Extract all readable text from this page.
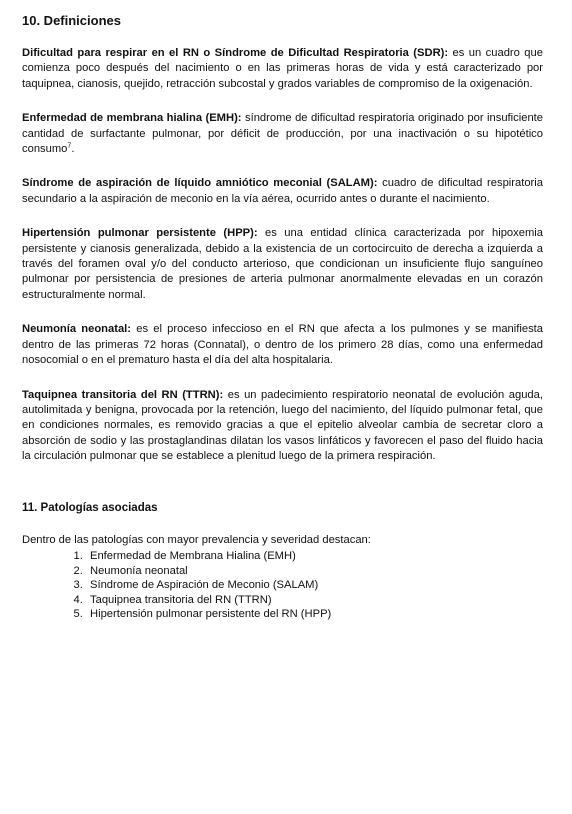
10. Definiciones

Dificultad para respirar en el RN o Síndrome de Dificultad Respiratoria (SDR): es un cuadro que comienza poco después del nacimiento o en las primeras horas de vida y está caracterizado por taquipnea, cianosis, quejido, retracción subcostal y grados variables de compromiso de la oxigenación.

Enfermedad de membrana hialina (EMH): síndrome de dificultad respiratoria originado por insuficiente cantidad de surfactante pulmonar, por déficit de producción, por una inactivación o su hipotético consumo$^7$.

Síndrome de aspiración de líquido amniótico meconial (SALAM): cuadro de dificultad respiratoria secundario a la aspiración de meconio en la vía aérea, ocurrido antes o durante el nacimiento.

Hipertensión pulmonar persistente (HPP): es una entidad clínica caracterizada por hipoxemia persistente y cianosis generalizada, debido a la existencia de un cortocircuito de derecha a izquierda a través del foramen oval y/o del conducto arterioso, que condicionan un insuficiente flujo sanguíneo pulmonar por persistencia de presiones de arteria pulmonar anormalmente elevadas en un corazón estructuralmente normal.

Neumonía neonatal: es el proceso infeccioso en el RN que afecta a los pulmones y se manifiesta dentro de las primeras 72 horas (Connatal), o dentro de los primero 28 días, como una enfermedad nosocomial o en el prematuro hasta el día del alta hospitalaria.

Taquipnea transitoria del RN (TTRN): es un padecimiento respiratorio neonatal de evolución aguda, autolimitada y benigna, provocada por la retención, luego del nacimiento, del líquido pulmonar fetal, que en condiciones normales, es removido gracias a que el epitelio alveolar cambia de secretar cloro a absorción de sodio y las prostaglandinas dilatan los vasos linfáticos y favorecen el paso del fluido hacia la circulación pulmonar que se establece a plenitud luego de la primera respiración.

11. Patologías asociadas

Dentro de las patologías con mayor prevalencia y severidad destacan:

1. Enfermedad de Membrana Hialina (EMH)
2. Neumonía neonatal
3. Síndrome de Aspiración de Meconio (SALAM)
4. Taquipnea transitoria del RN (TTRN)
5. Hipertensión pulmonar persistente del RN (HPP)
